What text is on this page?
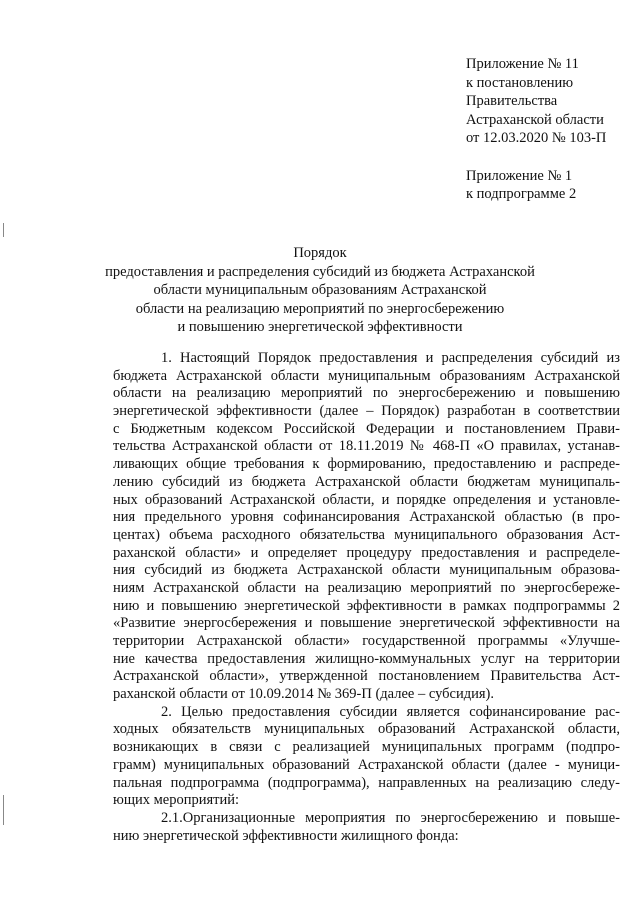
Приложение № 11
к постановлению
Правительства
Астраханской области
от 12.03.2020 № 103-П
Приложение № 1
к подпрограмме 2
Порядок
предоставления и распределения субсидий из бюджета Астраханской
области муниципальным образованиям Астраханской
области на реализацию мероприятий по энергосбережению
и повышению энергетической эффективности
1. Настоящий Порядок предоставления и распределения субсидий из
бюджета Астраханской области муниципальным образованиям Астраханской
области на реализацию мероприятий по энергосбережению и повышению
энергетической эффективности (далее – Порядок) разработан в соответствии
с Бюджетным кодексом Российской Федерации и постановлением Прави-
тельства Астраханской области от 18.11.2019 № 468-П «О правилах, устанав-
ливающих общие требования к формированию, предоставлению и распреде-
лению субсидий из бюджета Астраханской области бюджетам муниципаль-
ных образований Астраханской области, и порядке определения и установле-
ния предельного уровня софинансирования Астраханской областью (в про-
центах) объема расходного обязательства муниципального образования Аст-
раханской области» и определяет процедуру предоставления и распределе-
ния субсидий из бюджета Астраханской области муниципальным образова-
ниям Астраханской области на реализацию мероприятий по энергосбереже-
нию и повышению энергетической эффективности в рамках подпрограммы 2
«Развитие энергосбережения и повышение энергетической эффективности на
территории Астраханской области» государственной программы «Улучше-
ние качества предоставления жилищно-коммунальных услуг на территории
Астраханской области», утвержденной постановлением Правительства Аст-
раханской области от 10.09.2014 № 369-П (далее – субсидия).
2. Целью предоставления субсидии является софинансирование рас-
ходных обязательств муниципальных образований Астраханской области,
возникающих в связи с реализацией муниципальных программ (подпро-
грамм) муниципальных образований Астраханской области (далее - муници-
пальная подпрограмма (подпрограмма), направленных на реализацию следу-
ющих мероприятий:
2.1.Организационные мероприятия по энергосбережению и повыше-
нию энергетической эффективности жилищного фонда:
